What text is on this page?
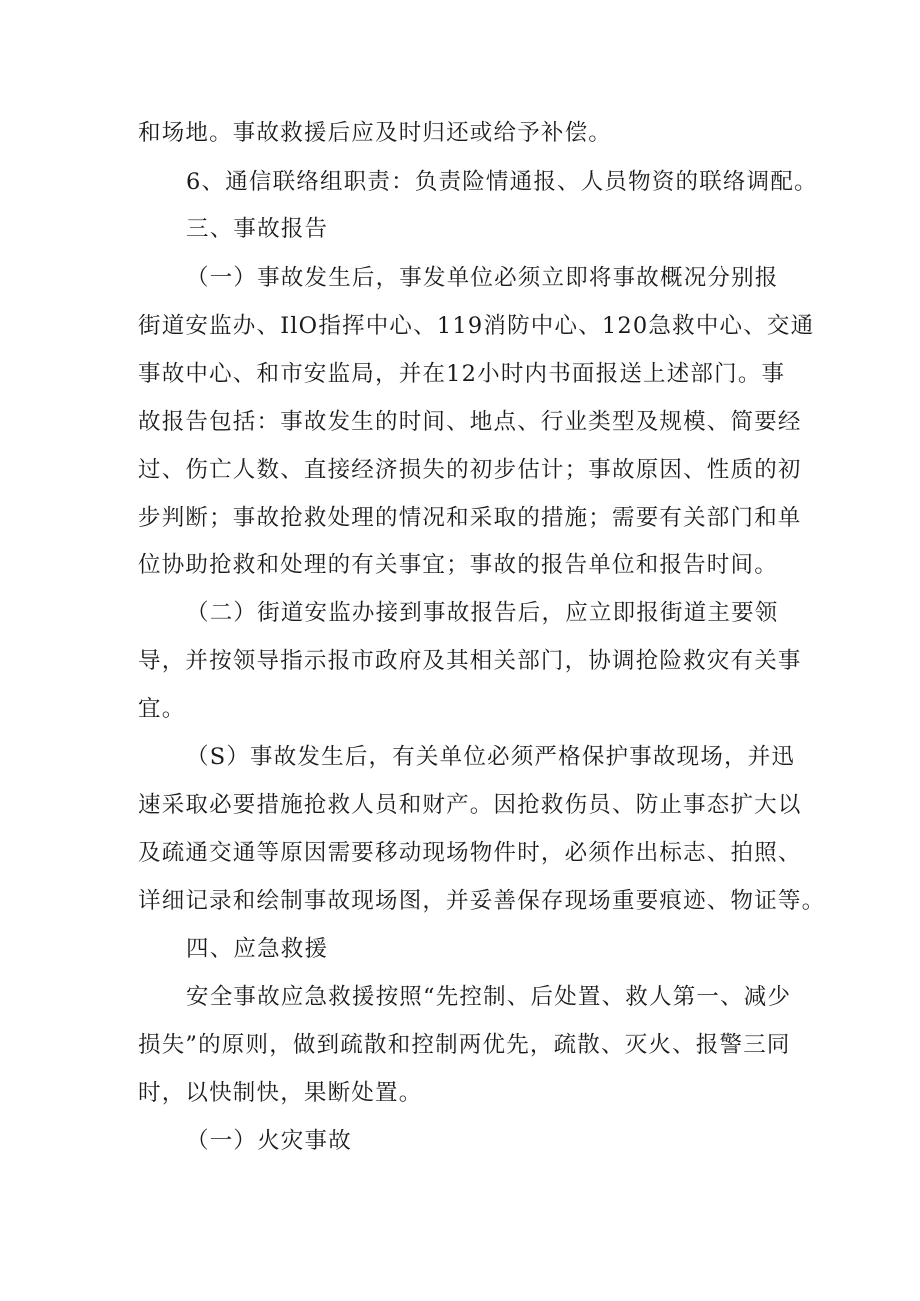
和场地。事故救援后应及时归还或给予补偿。
6、通信联络组职责：负责险情通报、人员物资的联络调配。
三、事故报告
（一）事故发生后，事发单位必须立即将事故概况分别报
街道安监办、IlO指挥中心、119消防中心、120急救中心、交通
事故中心、和市安监局，并在12小时内书面报送上述部门。事
故报告包括：事故发生的时间、地点、行业类型及规模、简要经
过、伤亡人数、直接经济损失的初步估计；事故原因、性质的初
步判断；事故抢救处理的情况和采取的措施；需要有关部门和单
位协助抢救和处理的有关事宜；事故的报告单位和报告时间。
（二）街道安监办接到事故报告后，应立即报街道主要领
导，并按领导指示报市政府及其相关部门，协调抢险救灾有关事
宜。
（S）事故发生后，有关单位必须严格保护事故现场，并迅
速采取必要措施抢救人员和财产。因抢救伤员、防止事态扩大以
及疏通交通等原因需要移动现场物件时，必须作出标志、拍照、
详细记录和绘制事故现场图，并妥善保存现场重要痕迹、物证等。
四、应急救援
安全事故应急救援按照“先控制、后处置、救人第一、减少
损失”的原则，做到疏散和控制两优先，疏散、灭火、报警三同
时，以快制快，果断处置。
（一）火灾事故
